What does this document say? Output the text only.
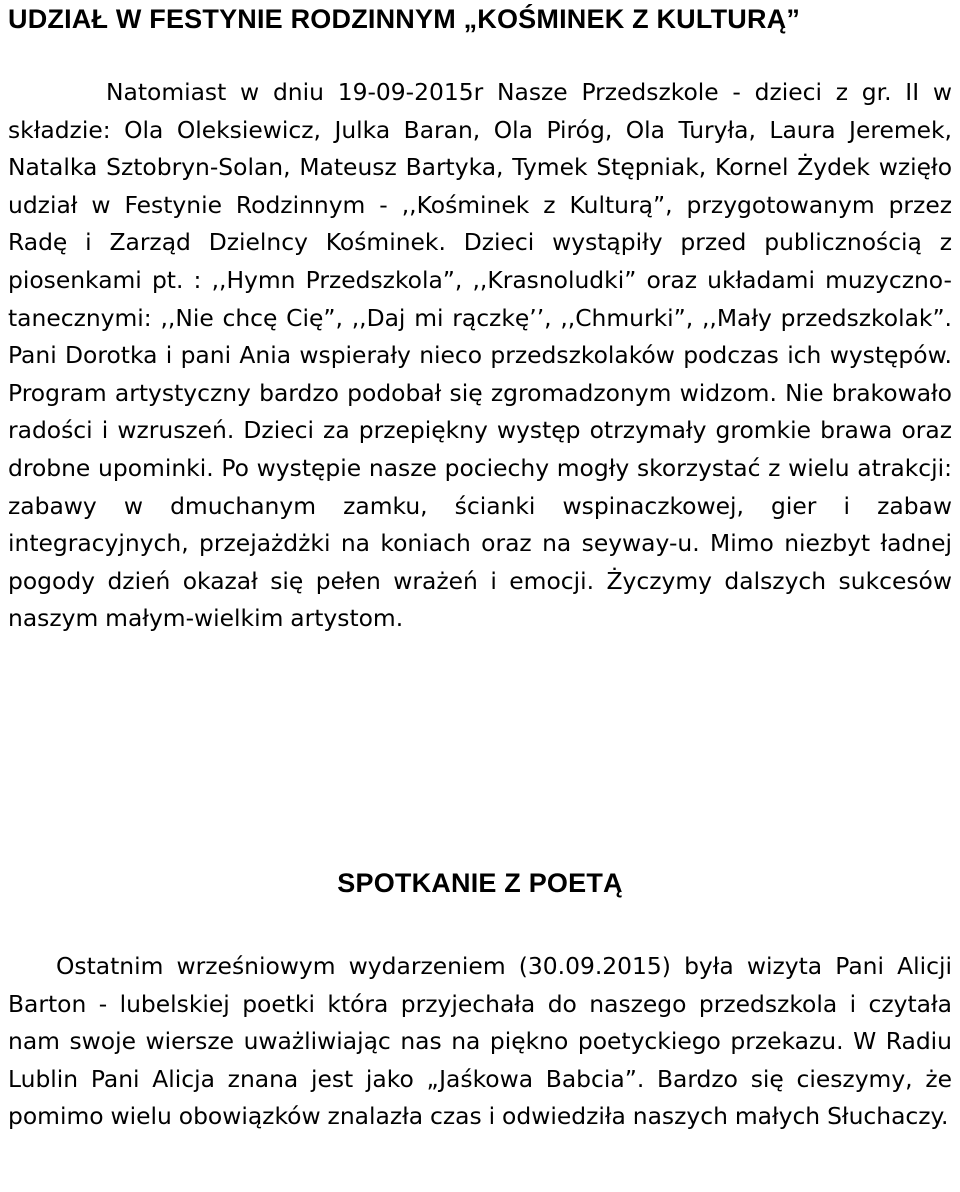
UDZIAŁ W FESTYNIE RODZINNYM „KOŚMINEK Z KULTURĄ”

Natomiast w dniu 19-09-2015r Nasze Przedszkole - dzieci z gr. II w składzie: Ola Oleksiewicz, Julka Baran, Ola Piróg, Ola Turyła, Laura Jeremek, Natalka Sztobryn-Solan, Mateusz Bartyka, Tymek Stępniak, Kornel Żydek wzięło udział w Festynie Rodzinnym - ,,Kośminek z Kulturą”, przygotowanym przez Radę i Zarząd Dzielncy Kośminek. Dzieci wystąpiły przed publicznością z piosenkami pt. : ,,Hymn Przedszkola”, ,,Krasnoludki” oraz układami muzyczno-tanecznymi: ,,Nie chcę Cię”, ,,Daj mi rączkę’’, ,,Chmurki”, ,,Mały przedszkolak”. Pani Dorotka i pani Ania wspierały nieco przedszkolaków podczas ich występów. Program artystyczny bardzo podobał się zgromadzonym widzom. Nie brakowało radości i wzruszeń. Dzieci za przepiękny występ otrzymały gromkie brawa oraz drobne upominki. Po występie nasze pociechy mogły skorzystać z wielu atrakcji: zabawy w dmuchanym zamku, ścianki wspinaczkowej, gier i zabaw integracyjnych, przejażdżki na koniach oraz na seyway-u. Mimo niezbyt ładnej pogody dzień okazał się pełen wrażeń i emocji. Życzymy dalszych sukcesów naszym małym-wielkim artystom.

SPOTKANIE Z POETĄ

Ostatnim wrześniowym wydarzeniem (30.09.2015) była wizyta Pani Alicji Barton - lubelskiej poetki która przyjechała do naszego przedszkola i czytała nam swoje wiersze uważliwiając nas na piękno poetyckiego przekazu. W Radiu Lublin Pani Alicja znana jest jako „Jaśkowa Babcia”. Bardzo się cieszymy, że pomimo wielu obowiązków znalazła czas i odwiedziła naszych małych Słuchaczy.
